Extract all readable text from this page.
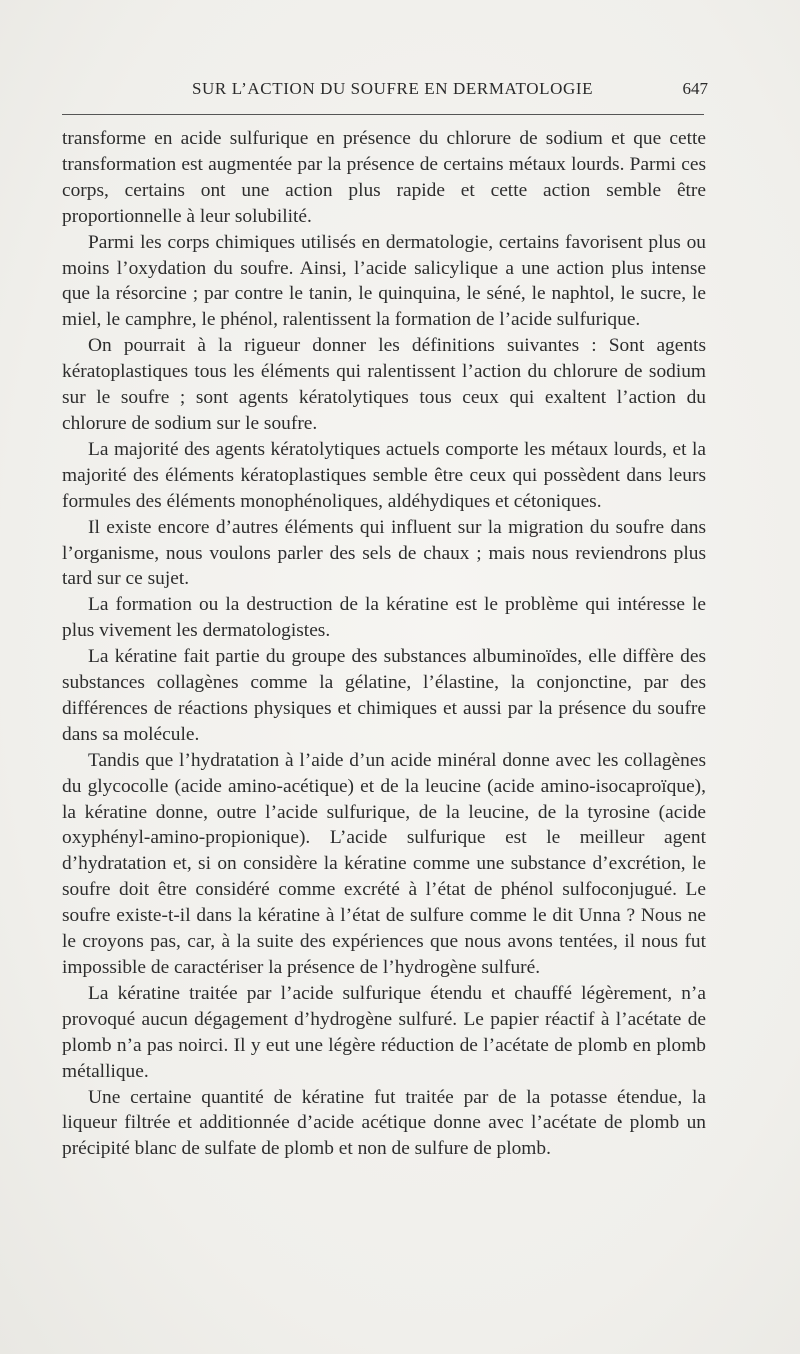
SUR L’ACTION DU SOUFRE EN DERMATOLOGIE	647

transforme en acide sulfurique en présence du chlorure de sodium et que cette transformation est augmentée par la présence de certains métaux lourds. Parmi ces corps, certains ont une action plus rapide et cette action semble être proportionnelle à leur solubilité.

Parmi les corps chimiques utilisés en dermatologie, certains favorisent plus ou moins l’oxydation du soufre. Ainsi, l’acide salicylique a une action plus intense que la résorcine ; par contre le tanin, le quinquina, le séné, le naphtol, le sucre, le miel, le camphre, le phénol, ralentissent la formation de l’acide sulfurique.

On pourrait à la rigueur donner les définitions suivantes : Sont agents kératoplastiques tous les éléments qui ralentissent l’action du chlorure de sodium sur le soufre ; sont agents kératolytiques tous ceux qui exaltent l’action du chlorure de sodium sur le soufre.

La majorité des agents kératolytiques actuels comporte les métaux lourds, et la majorité des éléments kératoplastiques semble être ceux qui possèdent dans leurs formules des éléments monophénoliques, aldéhydiques et cétoniques.

Il existe encore d’autres éléments qui influent sur la migration du soufre dans l’organisme, nous voulons parler des sels de chaux ; mais nous reviendrons plus tard sur ce sujet.

La formation ou la destruction de la kératine est le problème qui intéresse le plus vivement les dermatologistes.

La kératine fait partie du groupe des substances albuminoïdes, elle diffère des substances collagènes comme la gélatine, l’élastine, la conjonctine, par des différences de réactions physiques et chimiques et aussi par la présence du soufre dans sa molécule.

Tandis que l’hydratation à l’aide d’un acide minéral donne avec les collagènes du glycocolle (acide amino-acétique) et de la leucine (acide amino-isocaproïque), la kératine donne, outre l’acide sulfurique, de la leucine, de la tyrosine (acide oxyphényl-amino-propionique). L’acide sulfurique est le meilleur agent d’hydratation et, si on considère la kératine comme une substance d’excrétion, le soufre doit être considéré comme excrété à l’état de phénol sulfoconjugué. Le soufre existe-t-il dans la kératine à l’état de sulfure comme le dit Unna ? Nous ne le croyons pas, car, à la suite des expériences que nous avons tentées, il nous fut impossible de caractériser la présence de l’hydrogène sulfuré.

La kératine traitée par l’acide sulfurique étendu et chauffé légèrement, n’a provoqué aucun dégagement d’hydrogène sulfuré. Le papier réactif à l’acétate de plomb n’a pas noirci. Il y eut une légère réduction de l’acétate de plomb en plomb métallique.

Une certaine quantité de kératine fut traitée par de la potasse étendue, la liqueur filtrée et additionnée d’acide acétique donne avec l’acétate de plomb un précipité blanc de sulfate de plomb et non de sulfure de plomb.
